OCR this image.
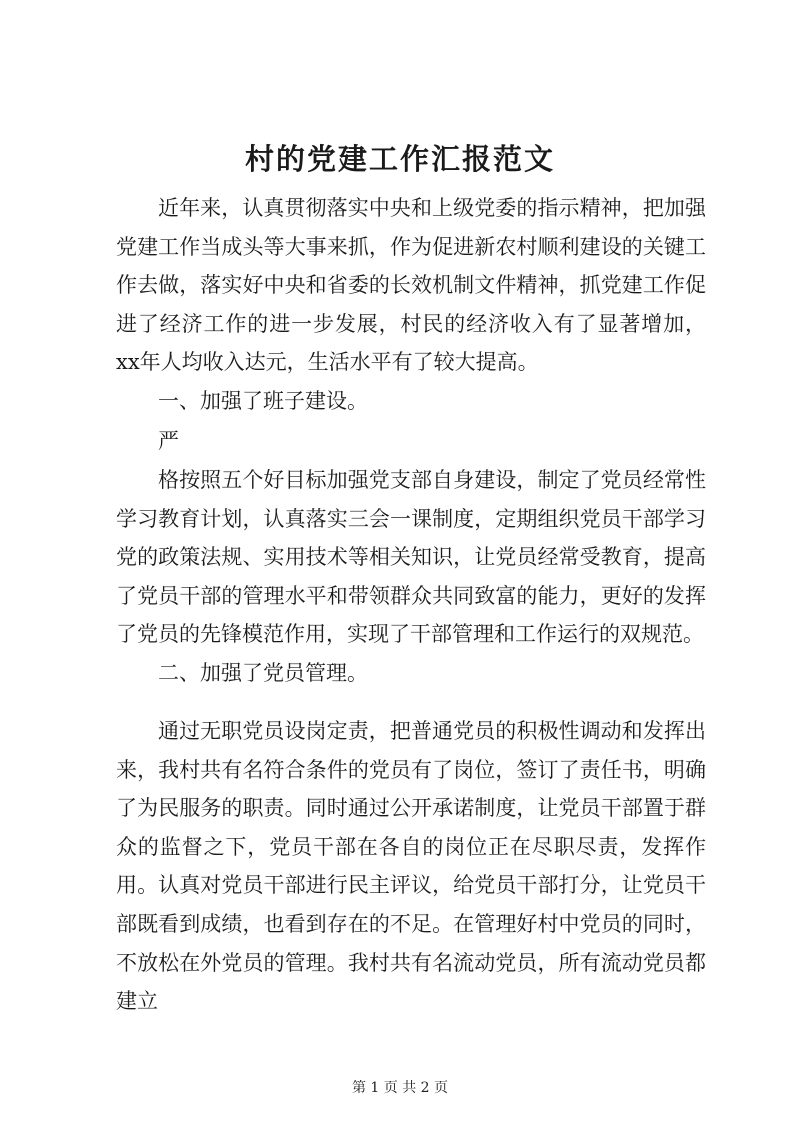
村的党建工作汇报范文

近年来，认真贯彻落实中央和上级党委的指示精神，把加强党建工作当成头等大事来抓，作为促进新农村顺利建设的关键工作去做，落实好中央和省委的长效机制文件精神，抓党建工作促进了经济工作的进一步发展，村民的经济收入有了显著增加，xx年人均收入达元，生活水平有了较大提高。

一、加强了班子建设。
严

格按照五个好目标加强党支部自身建设，制定了党员经常性学习教育计划，认真落实三会一课制度，定期组织党员干部学习党的政策法规、实用技术等相关知识，让党员经常受教育，提高了党员干部的管理水平和带领群众共同致富的能力，更好的发挥了党员的先锋模范作用，实现了干部管理和工作运行的双规范。

二、加强了党员管理。

通过无职党员设岗定责，把普通党员的积极性调动和发挥出来，我村共有名符合条件的党员有了岗位，签订了责任书，明确了为民服务的职责。同时通过公开承诺制度，让党员干部置于群众的监督之下，党员干部在各自的岗位正在尽职尽责，发挥作用。认真对党员干部进行民主评议，给党员干部打分，让党员干部既看到成绩，也看到存在的不足。在管理好村中党员的同时，不放松在外党员的管理。我村共有名流动党员，所有流动党员都建立

第 1 页 共 2 页
